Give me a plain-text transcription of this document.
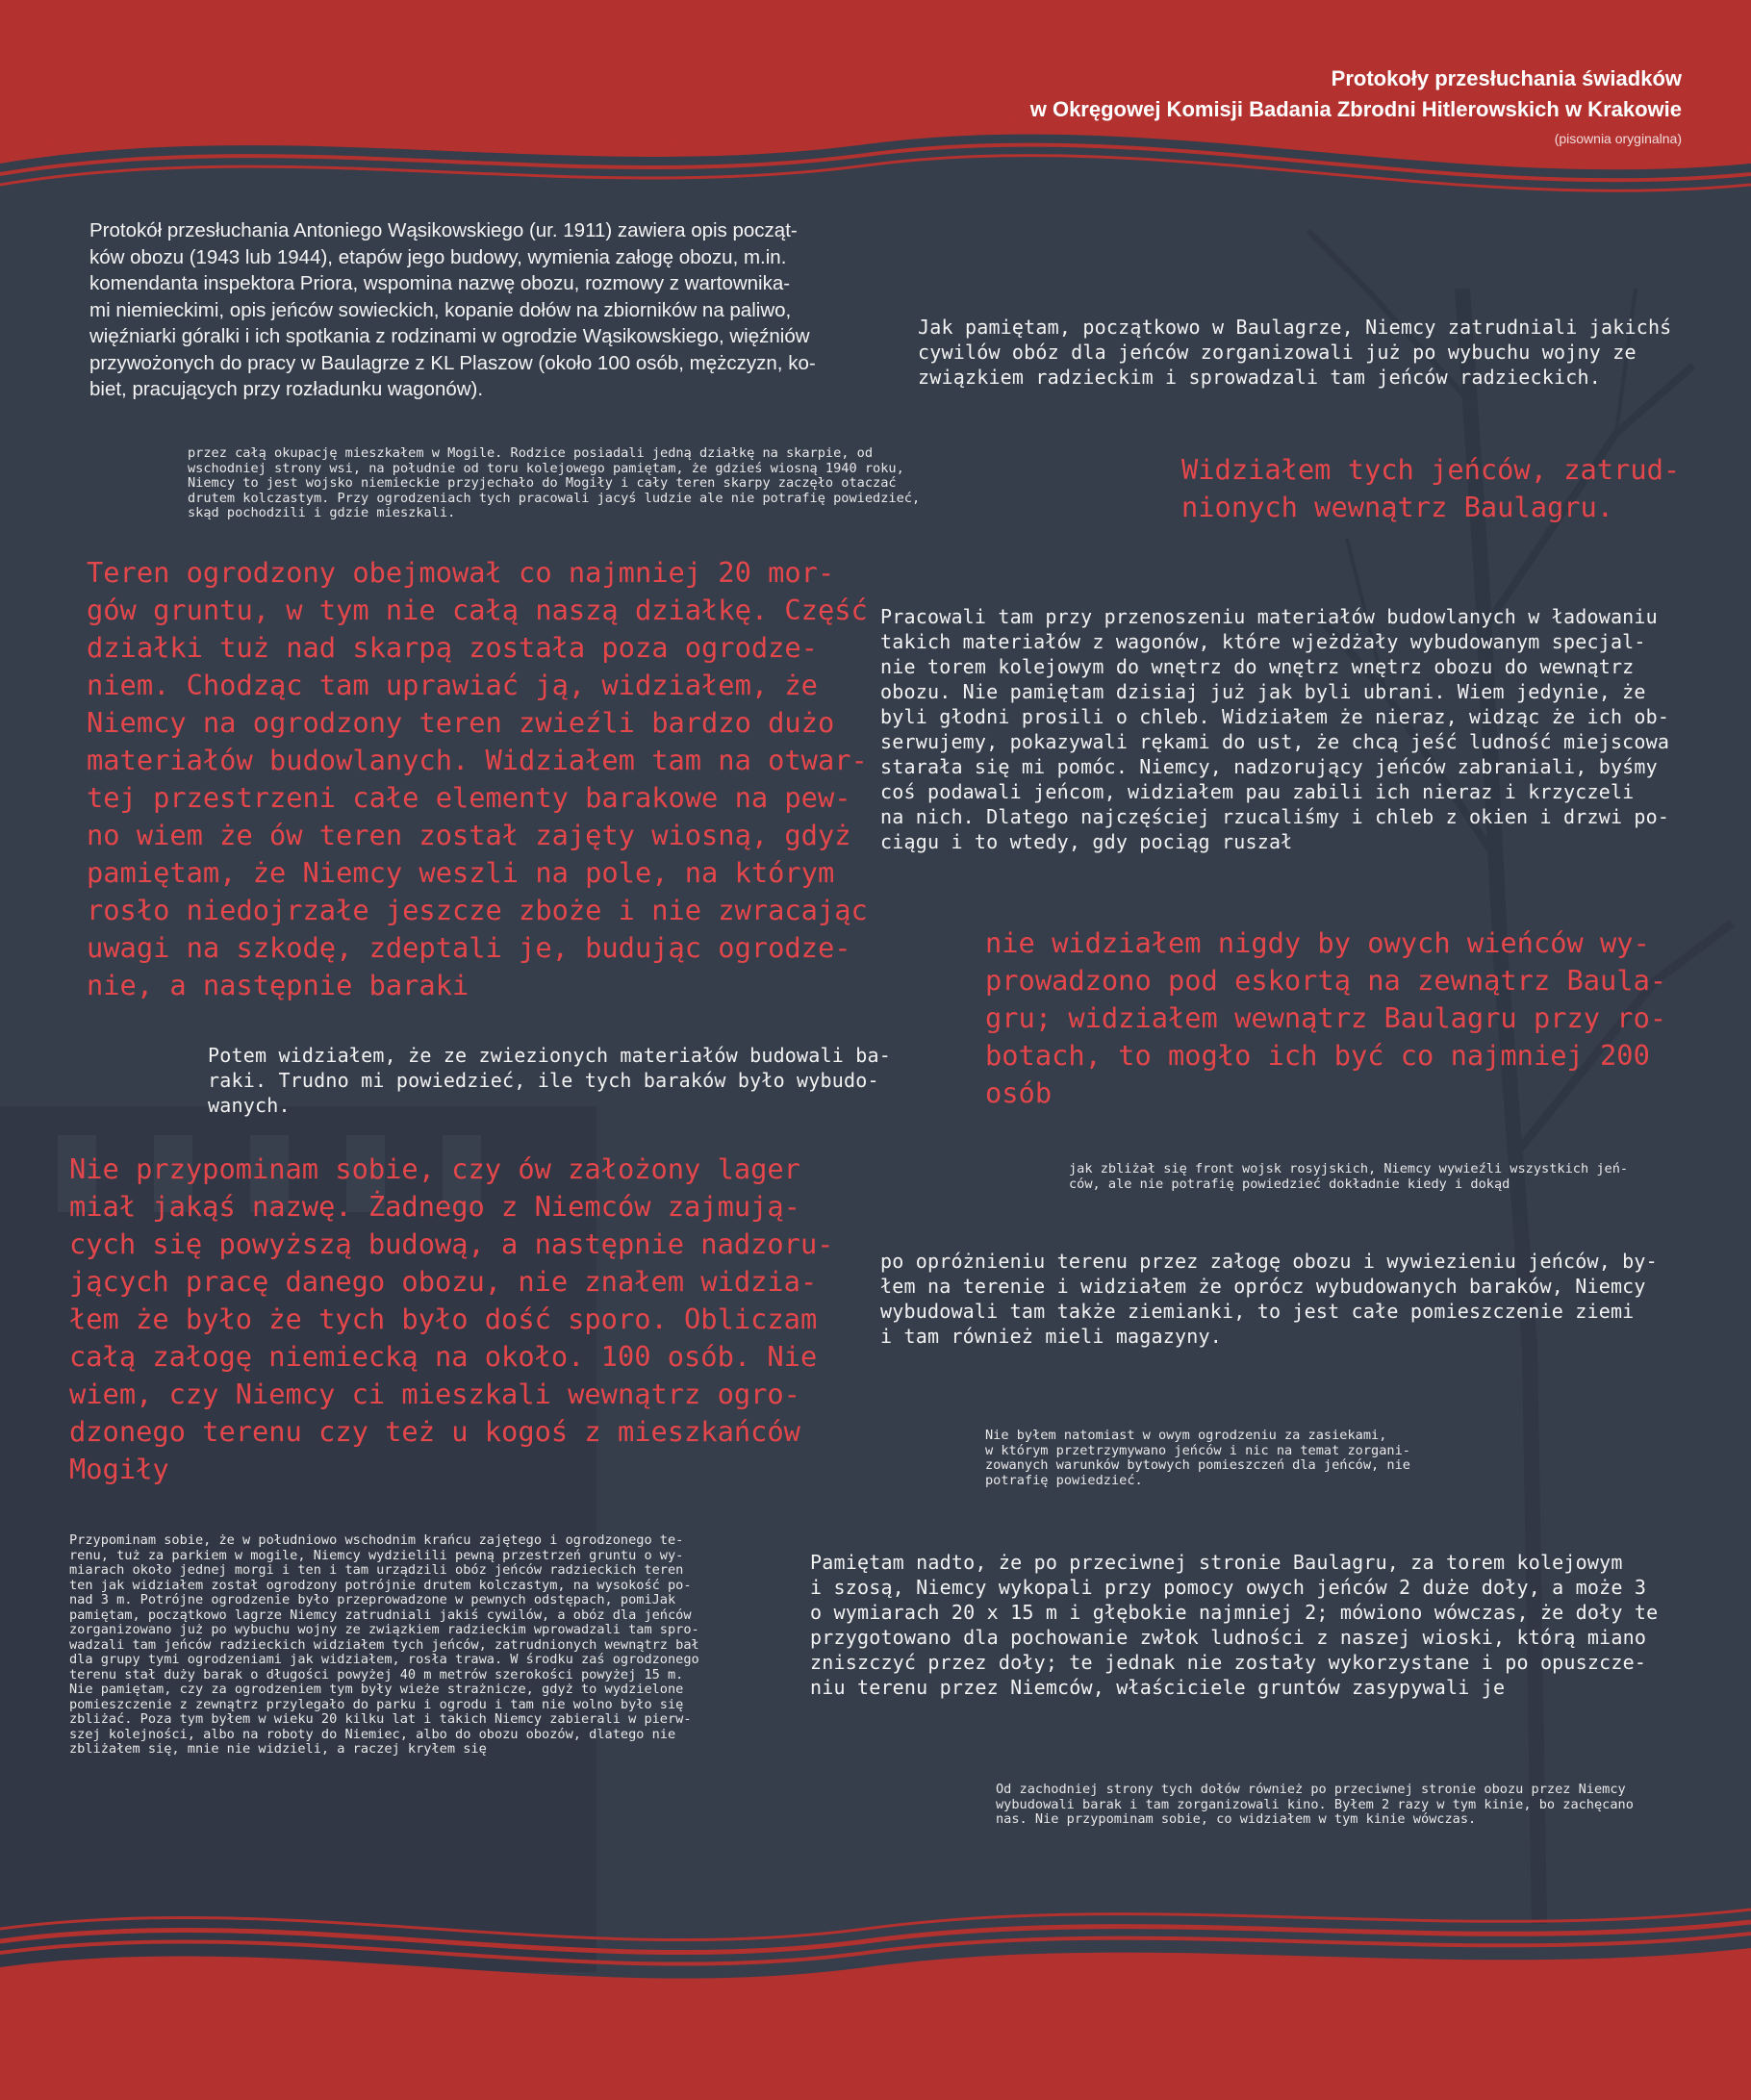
Protokoły przesłuchania świadków
w Okręgowej Komisji Badania Zbrodni Hitlerowskich w Krakowie
(pisownia oryginalna)

Protokół przesłuchania Antoniego Wąsikowskiego (ur. 1911) zawiera opis począt-
ków obozu (1943 lub 1944), etapów jego budowy, wymienia załogę obozu, m.in.
komendanta inspektora Priora, wspomina nazwę obozu, rozmowy z wartownika-
mi niemieckimi, opis jeńców sowieckich, kopanie dołów na zbiorników na paliwo,
więźniarki góralki i ich spotkania z rodzinami w ogrodzie Wąsikowskiego, więźniów
przywożonych do pracy w Baulagrze z KL Plaszow (około 100 osób, mężczyzn, ko-
biet, pracujących przy rozładunku wagonów).

Jak pamiętam, początkowo w Baulagrze, Niemcy zatrudniali jakichś
cywilów obóz dla jeńców zorganizowali już po wybuchu wojny ze
związkiem radzieckim i sprowadzali tam jeńców radzieckich.

przez całą okupację mieszkałem w Mogile. Rodzice posiadali jedną działkę na skarpie, od
wschodniej strony wsi, na południe od toru kolejowego pamiętam, że gdzieś wiosną 1940 roku,
Niemcy to jest wojsko niemieckie przyjechało do Mogiły i cały teren skarpy zaczęło otaczać
drutem kolczastym. Przy ogrodzeniach tych pracowali jacyś ludzie ale nie potrafię powiedzieć,
skąd pochodzili i gdzie mieszkali.

Widziałem tych jeńców, zatrud-
nionych wewnątrz Baulagru.

Teren ogrodzony obejmował co najmniej 20 mor-
gów gruntu, w tym nie całą naszą działkę. Część
działki tuż nad skarpą została poza ogrodze-
niem. Chodząc tam uprawiać ją, widziałem, że
Niemcy na ogrodzony teren zwieźli bardzo dużo
materiałów budowlanych. Widziałem tam na otwar-
tej przestrzeni całe elementy barakowe na pew-
no wiem że ów teren został zajęty wiosną, gdyż
pamiętam, że Niemcy weszli na pole, na którym
rosło niedojrzałe jeszcze zboże i nie zwracając
uwagi na szkodę, zdeptali je, budując ogrodze-
nie, a następnie baraki

Pracowali tam przy przenoszeniu materiałów budowlanych w ładowaniu
takich materiałów z wagonów, które wjeżdżały wybudowanym specjal-
nie torem kolejowym do wnętrz do wnętrz wnętrz obozu do wewnątrz
obozu. Nie pamiętam dzisiaj już jak byli ubrani. Wiem jedynie, że
byli głodni prosili o chleb. Widziałem że nieraz, widząc że ich ob-
serwujemy, pokazywali rękami do ust, że chcą jeść ludność miejscowa
starała się mi pomóc. Niemcy, nadzorujący jeńców zabraniali, byśmy
coś podawali jeńcom, widziałem pau zabili ich nieraz i krzyczeli
na nich. Dlatego najczęściej rzucaliśmy i chleb z okien i drzwi po-
ciągu i to wtedy, gdy pociąg ruszał

nie widziałem nigdy by owych wieńców wy-
prowadzono pod eskortą na zewnątrz Baula-
gru; widziałem wewnątrz Baulagru przy ro-
botach, to mogło ich być co najmniej 200
osób

Potem widziałem, że ze zwiezionych materiałów budowali ba-
raki. Trudno mi powiedzieć, ile tych baraków było wybudo-
wanych.

jak zbliżał się front wojsk rosyjskich, Niemcy wywieźli wszystkich jeń-
ców, ale nie potrafię powiedzieć dokładnie kiedy i dokąd

Nie przypominam sobie, czy ów założony lager
miał jakąś nazwę. Żadnego z Niemców zajmują-
cych się powyższą budową, a następnie nadzoru-
jących pracę danego obozu, nie znałem widzia-
łem że było że tych było dość sporo. Obliczam
całą załogę niemiecką na około. 100 osób. Nie
wiem, czy Niemcy ci mieszkali wewnątrz ogro-
dzonego terenu czy też u kogoś z mieszkańców
Mogiły

po opróżnieniu terenu przez załogę obozu i wywiezieniu jeńców, by-
łem na terenie i widziałem że oprócz wybudowanych baraków, Niemcy
wybudowali tam także ziemianki, to jest całe pomieszczenie ziemi
i tam również mieli magazyny.

Nie byłem natomiast w owym ogrodzeniu za zasiekami,
w którym przetrzymywano jeńców i nic na temat zorgani-
zowanych warunków bytowych pomieszczeń dla jeńców, nie
potrafię powiedzieć.

Przypominam sobie, że w południowo wschodnim krańcu zajętego i ogrodzonego te-
renu, tuż za parkiem w mogile, Niemcy wydzielili pewną przestrzeń gruntu o wy-
miarach około jednej morgi i ten i tam urządzili obóz jeńców radzieckich teren
ten jak widziałem został ogrodzony potrójnie drutem kolczastym, na wysokość po-
nad 3 m. Potrójne ogrodzenie było przeprowadzone w pewnych odstępach, pomiJak
pamiętam, początkowo lagrze Niemcy zatrudniali jakiś cywilów, a obóz dla jeńców
zorganizowano już po wybuchu wojny ze związkiem radzieckim wprowadzali tam spro-
wadzali tam jeńców radzieckich widziałem tych jeńców, zatrudnionych wewnątrz bał
dla grupy tymi ogrodzeniami jak widziałem, rosła trawa. W środku zaś ogrodzonego
terenu stał duży barak o długości powyżej 40 m metrów szerokości powyżej 15 m.
Nie pamiętam, czy za ogrodzeniem tym były wieże strażnicze, gdyż to wydzielone
pomieszczenie z zewnątrz przylegało do parku i ogrodu i tam nie wolno było się
zbliżać. Poza tym byłem w wieku 20 kilku lat i takich Niemcy zabierali w pierw-
szej kolejności, albo na roboty do Niemiec, albo do obozu obozów, dlatego nie
zbliżałem się, mnie nie widzieli, a raczej kryłem się

Pamiętam nadto, że po przeciwnej stronie Baulagru, za torem kolejowym
i szosą, Niemcy wykopali przy pomocy owych jeńców 2 duże doły, a może 3
o wymiarach 20 x 15 m i głębokie najmniej 2; mówiono wówczas, że doły te
przygotowano dla pochowanie zwłok ludności z naszej wioski, którą miano
zniszczyć przez doły; te jednak nie zostały wykorzystane i po opuszcze-
niu terenu przez Niemców, właściciele gruntów zasypywali je

Od zachodniej strony tych dołów również po przeciwnej stronie obozu przez Niemcy
wybudowali barak i tam zorganizowali kino. Byłem 2 razy w tym kinie, bo zachęcano
nas. Nie przypominam sobie, co widziałem w tym kinie wówczas.
